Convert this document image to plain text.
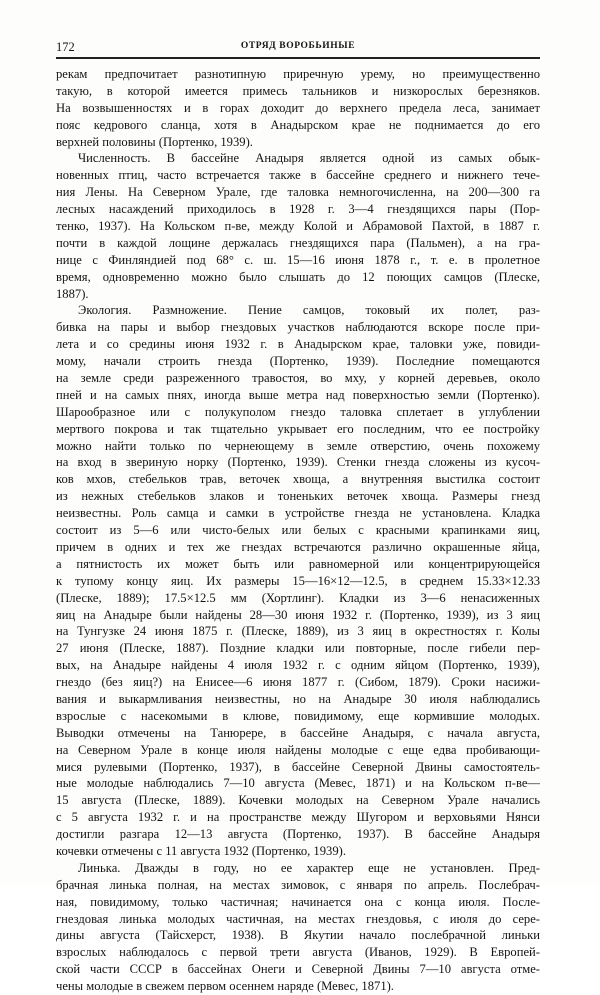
172	ОТРЯД ВОРОБЬИНЫЕ
рекам предпочитает разнотипную приречную урему, но преимущественно
такую, в которой имеется примесь тальников и низкорослых березняков.
На возвышенностях и в горах доходит до верхнего предела леса, занимает
пояс кедрового сланца, хотя в Анадырском крае не поднимается до его
верхней половины (Портенко, 1939).
Численность. В бассейне Анадыря является одной из самых обык-
новенных птиц, часто встречается также в бассейне среднего и нижнего тече-
ния Лены. На Северном Урале, где таловка немногочисленна, на 200—300 га
лесных насаждений приходилось в 1928 г. 3—4 гнездящихся пары (Пор-
тенко, 1937). На Кольском п-ве, между Колой и Абрамовой Пахтой, в 1887 г.
почти в каждой лощине держалась гнездящихся пара (Пальмен), а на гра-
нице с Финляндией под 68° с. ш. 15—16 июня 1878 г., т. е. в пролетное
время, одновременно можно было слышать до 12 поющих самцов (Плеске,
1887).
Экология. Размножение. Пение самцов, токовый их полет, раз-
бивка на пары и выбор гнездовых участков наблюдаются вскоре после при-
лета и со средины июня 1932 г. в Анадырском крае, таловки уже, повиди-
мому, начали строить гнезда (Портенко, 1939). Последние помещаются
на земле среди разреженного травостоя, во мху, у корней деревьев, около
пней и на самых пнях, иногда выше метра над поверхностью земли (Портенко).
Шарообразное или с полукуполом гнездо таловка сплетает в углублении
мертвого покрова и так тщательно укрывает его последним, что ее постройку
можно найти только по чернеющему в земле отверстию, очень похожему
на вход в звериную норку (Портенко, 1939). Стенки гнезда сложены из кусоч-
ков мхов, стебельков трав, веточек хвоща, а внутренняя выстилка состоит
из нежных стебельков злаков и тоненьких веточек хвоща. Размеры гнезд
неизвестны. Роль самца и самки в устройстве гнезда не установлена. Кладка
состоит из 5—6 или чисто-белых или белых с красными крапинками яиц,
причем в одних и тех же гнездах встречаются различно окрашенные яйца,
а пятнистость их может быть или равномерной или концентрирующейся
к тупому концу яиц. Их размеры 15—16×12—12.5, в среднем 15.33×12.33
(Плеске, 1889); 17.5×12.5 мм (Хортлинг). Кладки из 3—6 ненасиженных
яиц на Анадыре были найдены 28—30 июня 1932 г. (Портенко, 1939), из 3 яиц
на Тунгузке 24 июня 1875 г. (Плеске, 1889), из 3 яиц в окрестностях г. Колы
27 июня (Плеске, 1887). Поздние кладки или повторные, после гибели пер-
вых, на Анадыре найдены 4 июля 1932 г. с одним яйцом (Портенко, 1939),
гнездо (без яиц?) на Енисее—6 июня 1877 г. (Сибом, 1879). Сроки насижи-
вания и выкармливания неизвестны, но на Анадыре 30 июля наблюдались
взрослые с насекомыми в клюве, повидимому, еще кормившие молодых.
Выводки отмечены на Танюрере, в бассейне Анадыря, с начала августа,
на Северном Урале в конце июля найдены молодые с еще едва пробивающи-
мися рулевыми (Портенко, 1937), в бассейне Северной Двины самостоятель-
ные молодые наблюдались 7—10 августа (Мевес, 1871) и на Кольском п-ве—
15 августа (Плеске, 1889). Кочевки молодых на Северном Урале начались
с 5 августа 1932 г. и на пространстве между Шугором и верховьями Нянси
достигли разгара 12—13 августа (Портенко, 1937). В бассейне Анадыря
кочевки отмечены с 11 августа 1932 (Портенко, 1939).
Линька. Дважды в году, но ее характер еще не установлен. Пред-
брачная линька полная, на местах зимовок, с января по апрель. Послебрач-
ная, повидимому, только частичная; начинается она с конца июля. После-
гнездовая линька молодых частичная, на местах гнездовья, с июля до сере-
дины августа (Тайсхерст, 1938). В Якутии начало послебрачной линьки
взрослых наблюдалось с первой трети августа (Иванов, 1929). В Европей-
ской части СССР в бассейнах Онеги и Северной Двины 7—10 августа отме-
чены молодые в свежем первом осеннем наряде (Мевес, 1871).
